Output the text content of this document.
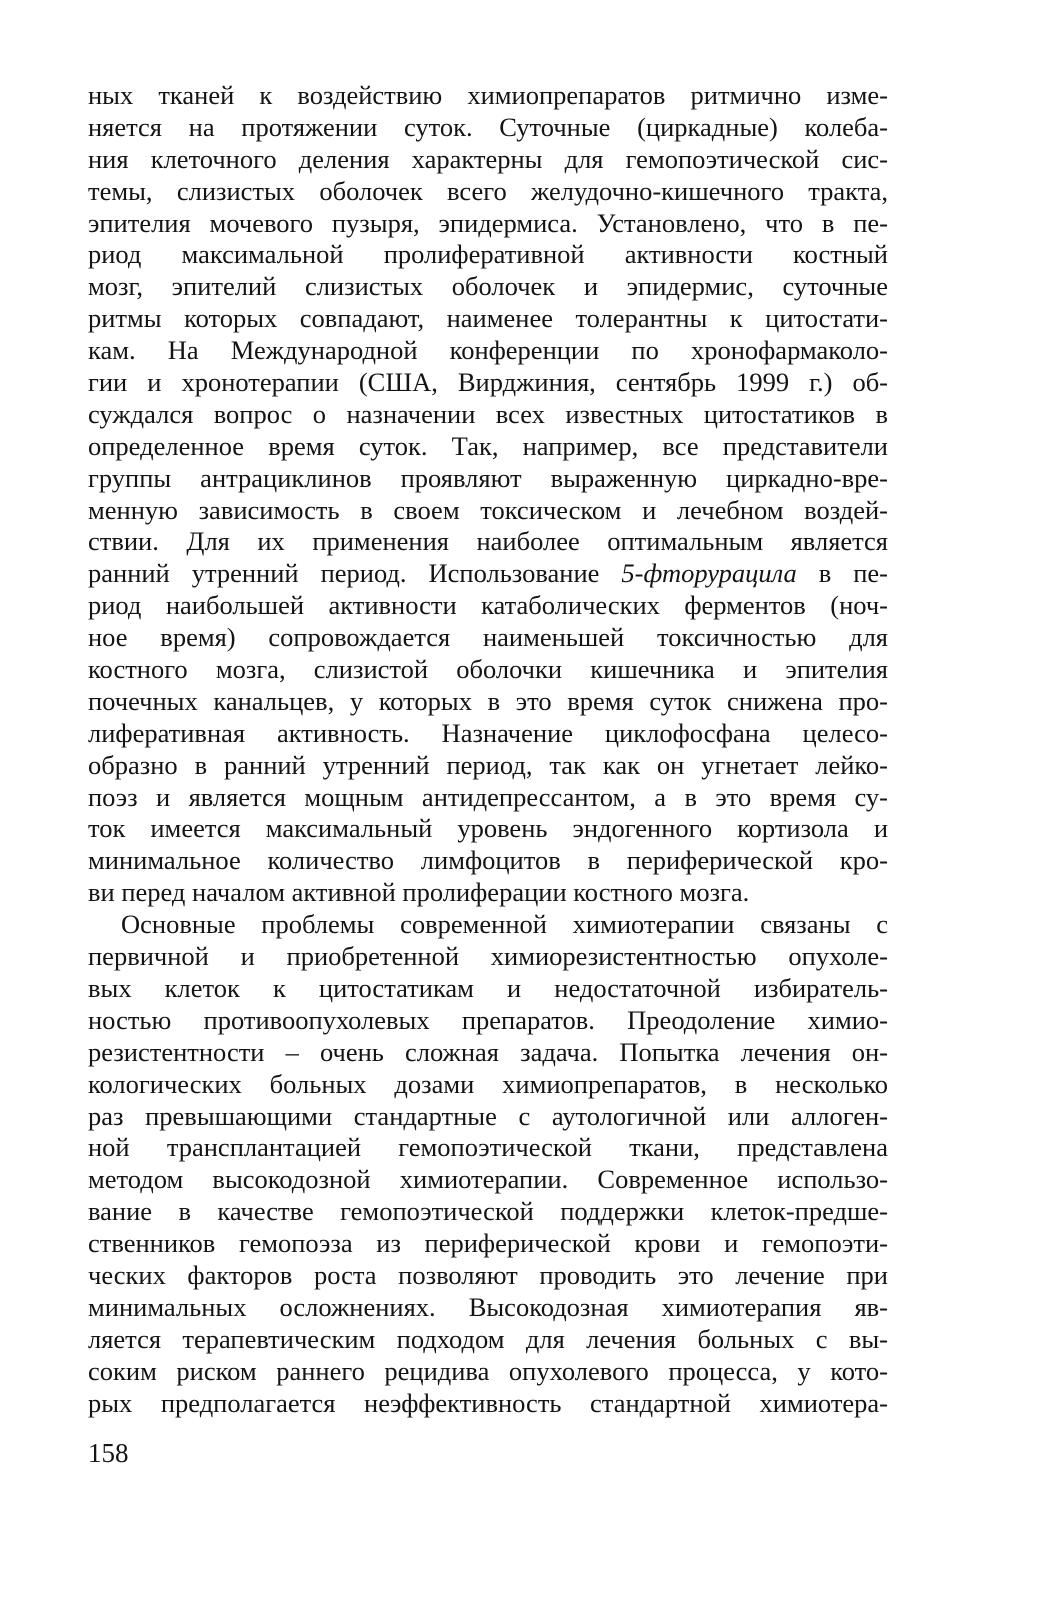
ных тканей к воздействию химиопрепаратов ритмично изме-
няется на протяжении суток. Суточные (циркадные) колеба-
ния клеточного деления характерны для гемопоэтической сис-
темы, слизистых оболочек всего желудочно-кишечного тракта,
эпителия мочевого пузыря, эпидермиса. Установлено, что в пе-
риод максимальной пролиферативной активности костный
мозг, эпителий слизистых оболочек и эпидермис, суточные
ритмы которых совпадают, наименее толерантны к цитостати-
кам. На Международной конференции по хронофармаколо-
гии и хронотерапии (США, Вирджиния, сентябрь 1999 г.) об-
суждался вопрос о назначении всех известных цитостатиков в
определенное время суток. Так, например, все представители
группы антрациклинов проявляют выраженную циркадно-вре-
менную зависимость в своем токсическом и лечебном воздей-
ствии. Для их применения наиболее оптимальным является
ранний утренний период. Использование 5-фторурацила в пе-
риод наибольшей активности катаболических ферментов (ноч-
ное время) сопровождается наименьшей токсичностью для
костного мозга, слизистой оболочки кишечника и эпителия
почечных канальцев, у которых в это время суток снижена про-
лиферативная активность. Назначение циклофосфана целесо-
образно в ранний утренний период, так как он угнетает лейко-
поэз и является мощным антидепрессантом, а в это время су-
ток имеется максимальный уровень эндогенного кортизола и
минимальное количество лимфоцитов в периферической кро-
ви перед началом активной пролиферации костного мозга.
Основные проблемы современной химиотерапии связаны с
первичной и приобретенной химиорезистентностью опухоле-
вых клеток к цитостатикам и недостаточной избиратель-
ностью противоопухолевых препаратов. Преодоление химио-
резистентности – очень сложная задача. Попытка лечения он-
кологических больных дозами химиопрепаратов, в несколько
раз превышающими стандартные с аутологичной или аллоген-
ной трансплантацией гемопоэтической ткани, представлена
методом высокодозной химиотерапии. Современное использо-
вание в качестве гемопоэтической поддержки клеток-предше-
ственников гемопоэза из периферической крови и гемопоэти-
ческих факторов роста позволяют проводить это лечение при
минимальных осложнениях. Высокодозная химиотерапия яв-
ляется терапевтическим подходом для лечения больных с вы-
соким риском раннего рецидива опухолевого процесса, у кото-
рых предполагается неэффективность стандартной химиотера-
158
